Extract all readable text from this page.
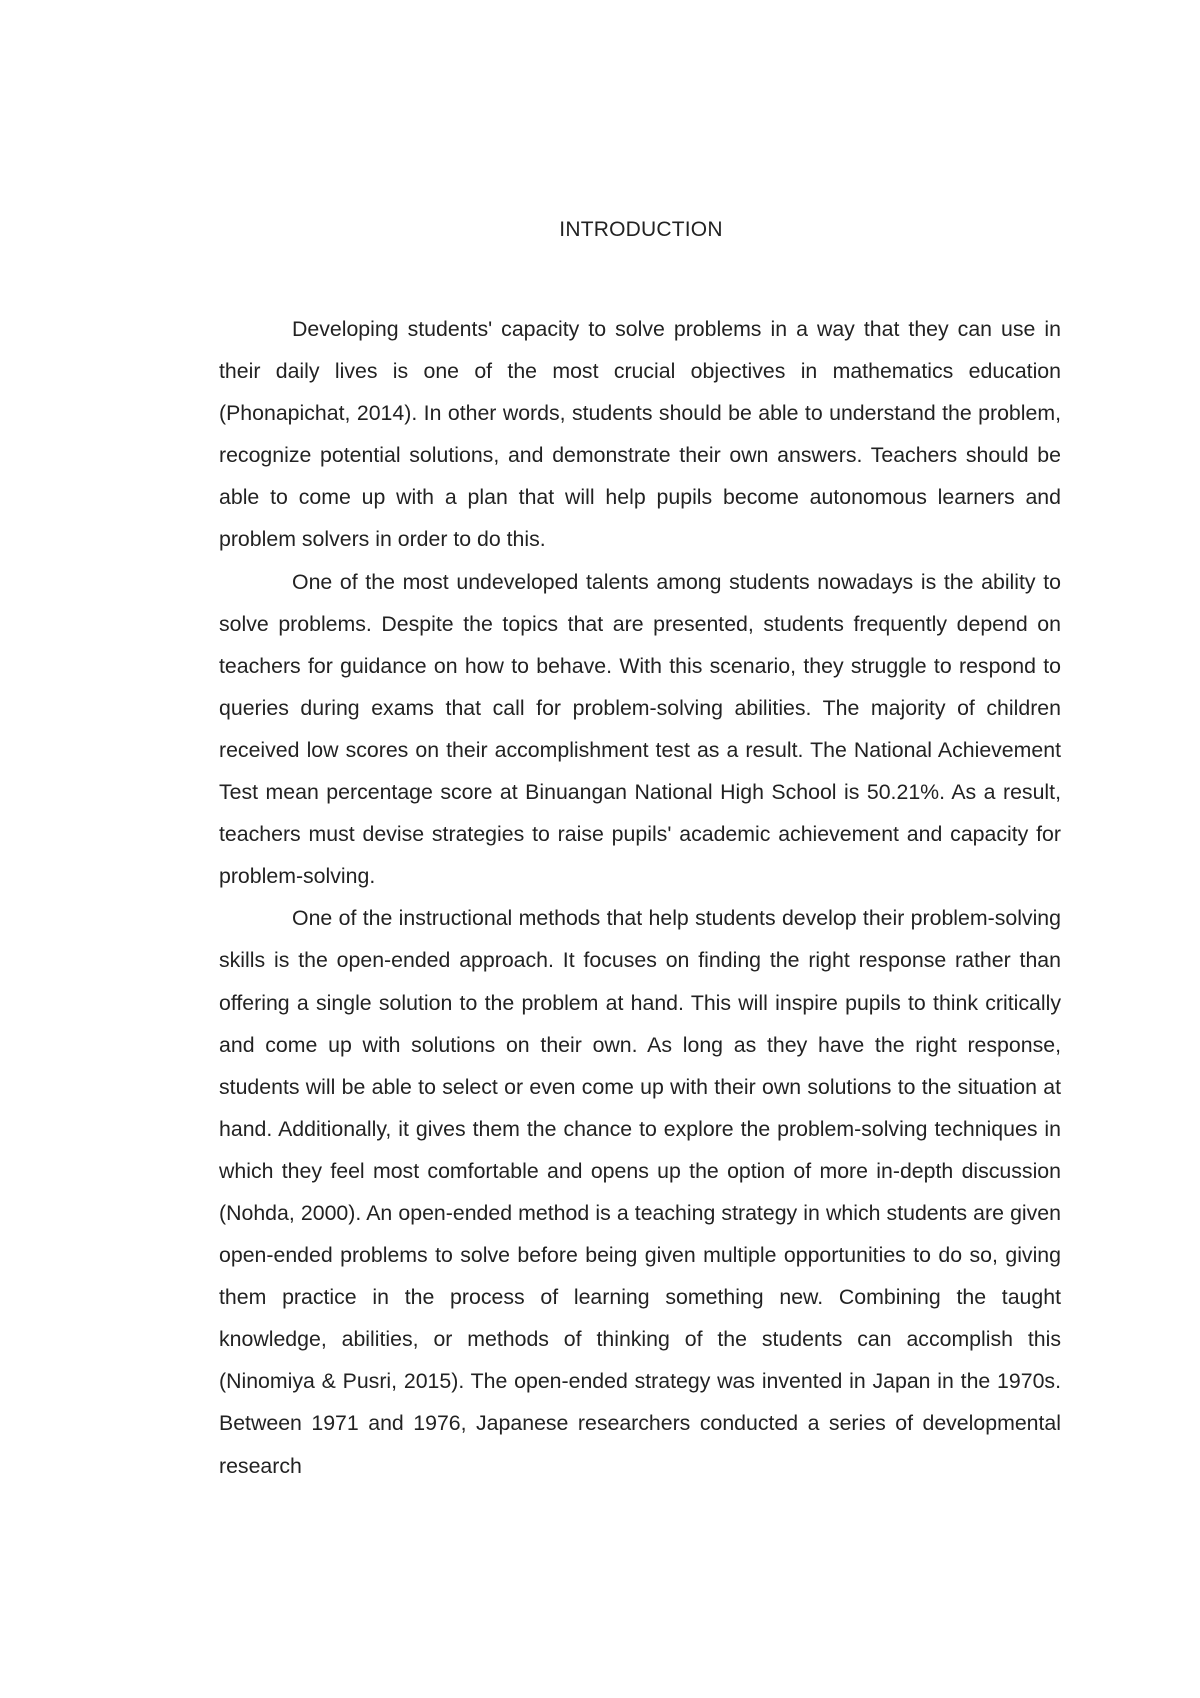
INTRODUCTION

Developing students' capacity to solve problems in a way that they can use in their daily lives is one of the most crucial objectives in mathematics education (Phonapichat, 2014). In other words, students should be able to understand the problem, recognize potential solutions, and demonstrate their own answers. Teachers should be able to come up with a plan that will help pupils become autonomous learners and problem solvers in order to do this.

One of the most undeveloped talents among students nowadays is the ability to solve problems. Despite the topics that are presented, students frequently depend on teachers for guidance on how to behave. With this scenario, they struggle to respond to queries during exams that call for problem-solving abilities. The majority of children received low scores on their accomplishment test as a result. The National Achievement Test mean percentage score at Binuangan National High School is 50.21%. As a result, teachers must devise strategies to raise pupils' academic achievement and capacity for problem-solving.

One of the instructional methods that help students develop their problem-solving skills is the open-ended approach. It focuses on finding the right response rather than offering a single solution to the problem at hand. This will inspire pupils to think critically and come up with solutions on their own. As long as they have the right response, students will be able to select or even come up with their own solutions to the situation at hand. Additionally, it gives them the chance to explore the problem-solving techniques in which they feel most comfortable and opens up the option of more in-depth discussion (Nohda, 2000). An open-ended method is a teaching strategy in which students are given open-ended problems to solve before being given multiple opportunities to do so, giving them practice in the process of learning something new. Combining the taught knowledge, abilities, or methods of thinking of the students can accomplish this (Ninomiya & Pusri, 2015). The open-ended strategy was invented in Japan in the 1970s. Between 1971 and 1976, Japanese researchers conducted a series of developmental research
